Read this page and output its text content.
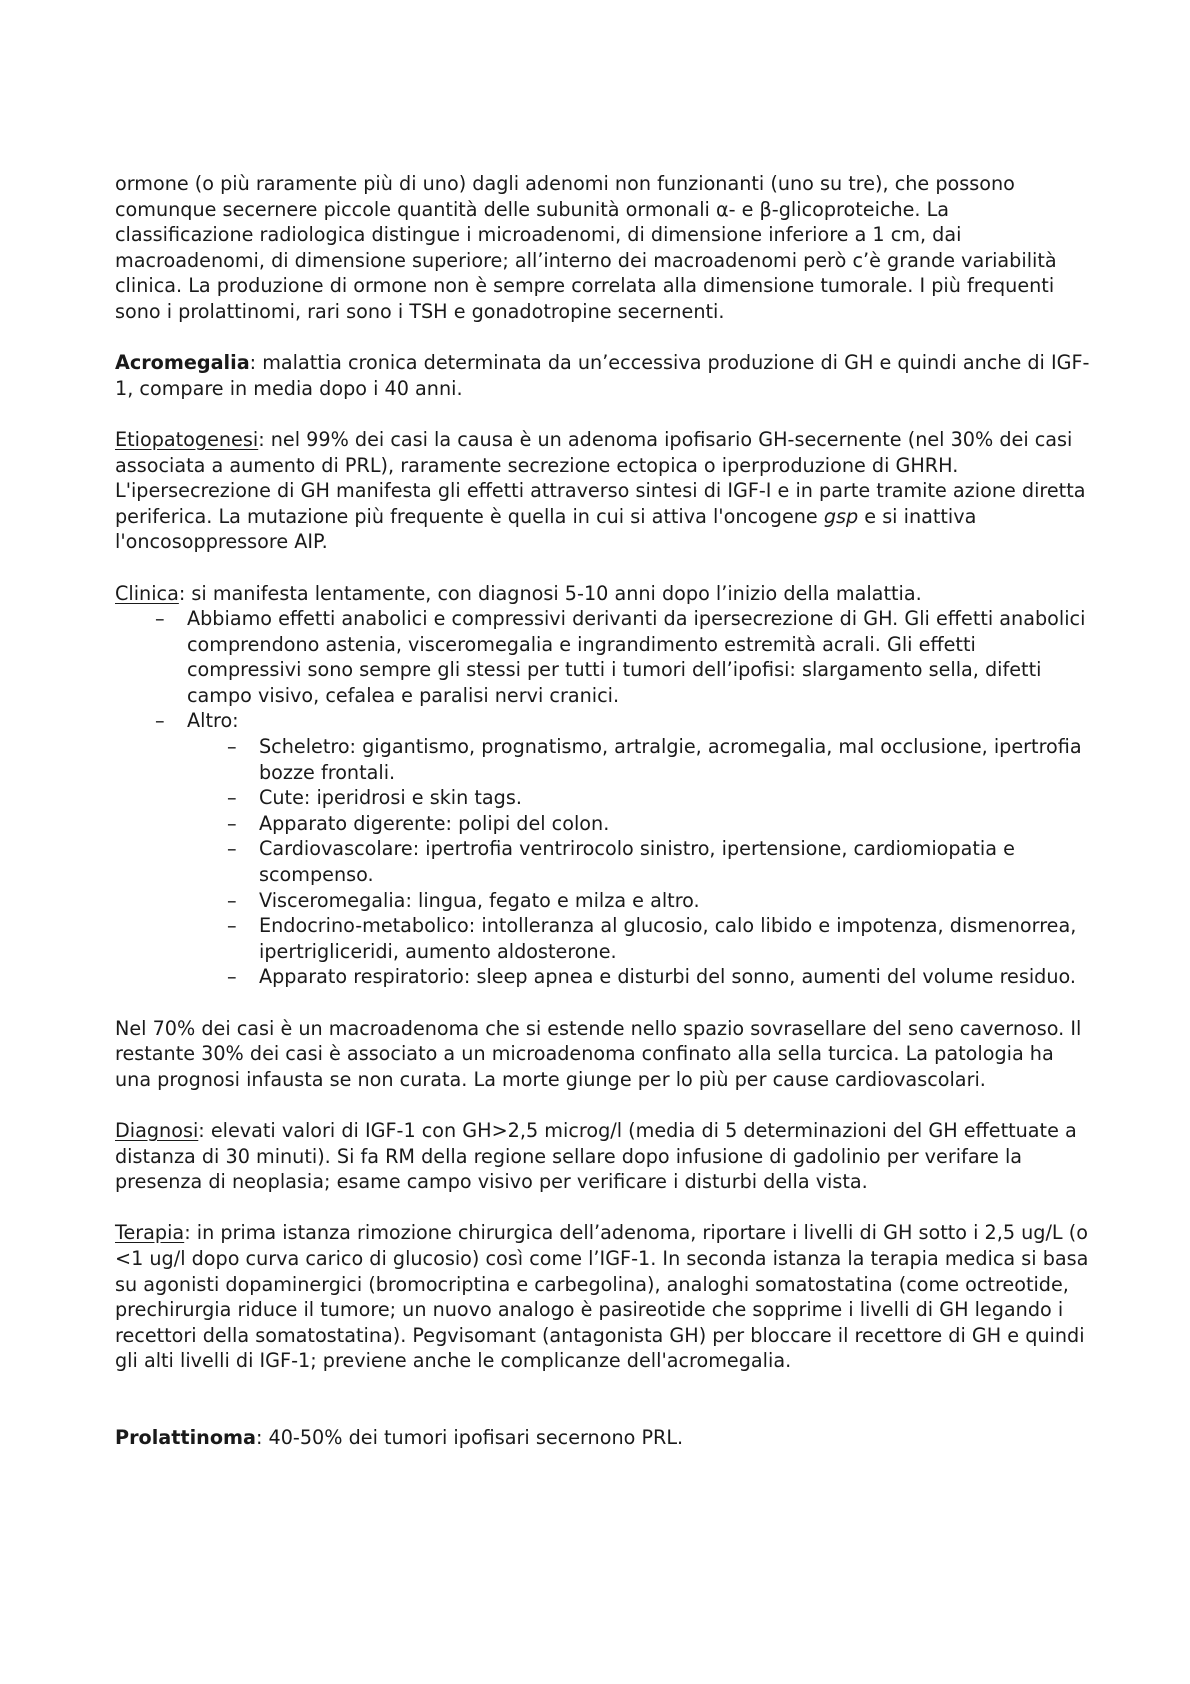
ormone (o più raramente più di uno) dagli adenomi non funzionanti (uno su tre), che possono comunque secernere piccole quantità delle subunità ormonali α- e β-glicoproteiche. La classificazione radiologica distingue i microadenomi, di dimensione inferiore a 1 cm, dai macroadenomi, di dimensione superiore; all’interno dei macroadenomi però c’è grande variabilità clinica. La produzione di ormone non è sempre correlata alla dimensione tumorale. I più frequenti sono i prolattinomi, rari sono i TSH e gonadotropine secernenti.

Acromegalia: malattia cronica determinata da un’eccessiva produzione di GH e quindi anche di IGF-1, compare in media dopo i 40 anni.

Etiopatogenesi: nel 99% dei casi la causa è un adenoma ipofisario GH-secernente (nel 30% dei casi associata a aumento di PRL), raramente secrezione ectopica o iperproduzione di GHRH. L'ipersecrezione di GH manifesta gli effetti attraverso sintesi di IGF-I e in parte tramite azione diretta periferica. La mutazione più frequente è quella in cui si attiva l'oncogene gsp e si inattiva l'oncosoppressore AIP.

Clinica: si manifesta lentamente, con diagnosi 5-10 anni dopo l’inizio della malattia.

– Abbiamo effetti anabolici e compressivi derivanti da ipersecrezione di GH. Gli effetti anabolici comprendono astenia, visceromegalia e ingrandimento estremità acrali. Gli effetti compressivi sono sempre gli stessi per tutti i tumori dell’ipofisi: slargamento sella, difetti campo visivo, cefalea e paralisi nervi cranici.
– Altro:
– Scheletro: gigantismo, prognatismo, artralgie, acromegalia, mal occlusione, ipertrofia bozze frontali.
– Cute: iperidrosi e skin tags.
– Apparato digerente: polipi del colon.
– Cardiovascolare: ipertrofia ventrirocolo sinistro, ipertensione, cardiomiopatia e scompenso.
– Visceromegalia: lingua, fegato e milza e altro.
– Endocrino-metabolico: intolleranza al glucosio, calo libido e impotenza, dismenorrea, ipertrigliceridi, aumento aldosterone.
– Apparato respiratorio: sleep apnea e disturbi del sonno, aumenti del volume residuo.

Nel 70% dei casi è un macroadenoma che si estende nello spazio sovrasellare del seno cavernoso. Il restante 30% dei casi è associato a un microadenoma confinato alla sella turcica. La patologia ha una prognosi infausta se non curata. La morte giunge per lo più per cause cardiovascolari.

Diagnosi: elevati valori di IGF-1 con GH>2,5 microg/l (media di 5 determinazioni del GH effettuate a distanza di 30 minuti). Si fa RM della regione sellare dopo infusione di gadolinio per verifare la presenza di neoplasia; esame campo visivo per verificare i disturbi della vista.

Terapia: in prima istanza rimozione chirurgica dell’adenoma, riportare i livelli di GH sotto i 2,5 ug/L (o <1 ug/l dopo curva carico di glucosio) così come l’IGF-1. In seconda istanza la terapia medica si basa su agonisti dopaminergici (bromocriptina e carbegolina), analoghi somatostatina (come octreotide, prechirurgia riduce il tumore; un nuovo analogo è pasireotide che sopprime i livelli di GH legando i recettori della somatostatina). Pegvisomant (antagonista GH) per bloccare il recettore di GH e quindi gli alti livelli di IGF-1; previene anche le complicanze dell'acromegalia.

Prolattinoma: 40-50% dei tumori ipofisari secernono PRL.
